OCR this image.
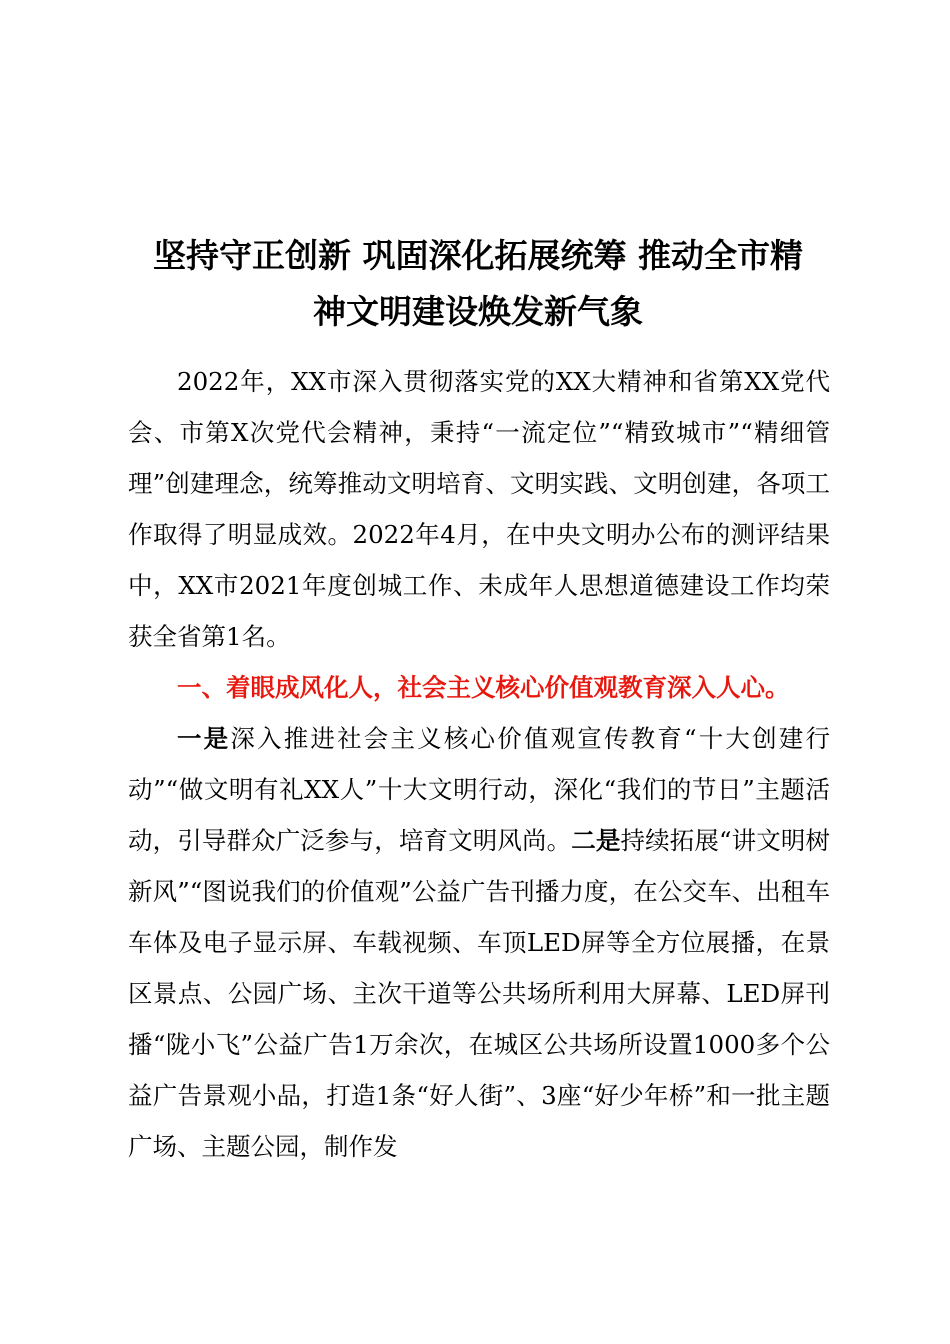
坚持守正创新 巩固深化拓展统筹 推动全市精
神文明建设焕发新气象

2022年，XX市深入贯彻落实党的XX大精神和省第XX党代会、市第X次党代会精神，秉持“一流定位”“精致城市”“精细管理”创建理念，统筹推动文明培育、文明实践、文明创建，各项工作取得了明显成效。2022年4月，在中央文明办公布的测评结果中，XX市2021年度创城工作、未成年人思想道德建设工作均荣获全省第1名。

一、着眼成风化人，社会主义核心价值观教育深入人心。

一是深入推进社会主义核心价值观宣传教育“十大创建行动”“做文明有礼XX人”十大文明行动，深化“我们的节日”主题活动，引导群众广泛参与，培育文明风尚。二是持续拓展“讲文明树新风”“图说我们的价值观”公益广告刊播力度，在公交车、出租车车体及电子显示屏、车载视频、车顶LED屏等全方位展播，在景区景点、公园广场、主次干道等公共场所利用大屏幕、LED屏刊播“陇小飞”公益广告1万余次，在城区公共场所设置1000多个公益广告景观小品，打造1条“好人街”、3座“好少年桥”和一批主题广场、主题公园，制作发
